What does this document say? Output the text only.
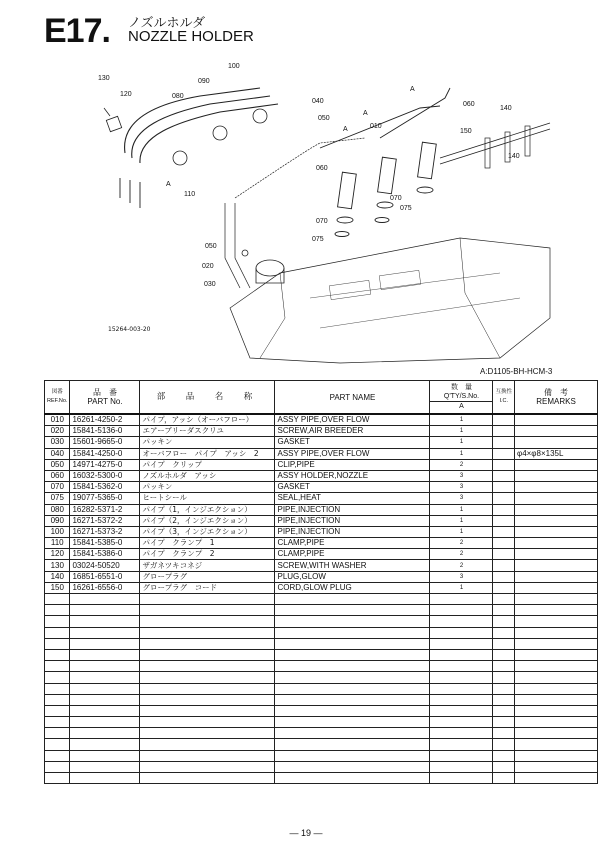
E17. ノズルホルダ
NOZZLE HOLDER
130
120	080
090
100
040
050
010
060
140
150
140
110
060
070
075
070
075
050
020
030
A
A
A
A
15264-003-20
A:D1105-BH-HCM-3
図番
REF.No.	品　番
PART No.	部　品　名　称	PART NAME	数　量
Q'TY/S.No.
A	互換性
I.C.	備　考
REMARKS

010	16261-4250-2	パイプ，アッシ（オーバフロー）	ASSY PIPE,OVER FLOW	1		
020	15841-5136-0	エアーブリーダスクリユ	SCREW,AIR BREEDER	1		
030	15601-9665-0	パッキン	GASKET	1		
040	15841-4250-0	オーバフロー　パイプ　アッシ　2	ASSY PIPE,OVER FLOW	1		φ4×φ8×135L
050	14971-4275-0	パイプ　クリップ	CLIP,PIPE	2		
060	16032-5300-0	ノズルホルダ　アッシ	ASSY HOLDER,NOZZLE	3		
070	15841-5362-0	パッキン	GASKET	3		
075	19077-5365-0	ヒートシール	SEAL,HEAT	3		
080	16282-5371-2	パイプ（1，インジエクション）	PIPE,INJECTION	1		
090	16271-5372-2	パイプ（2，インジエクション）	PIPE,INJECTION	1		
100	16271-5373-2	パイプ（3，インジエクション）	PIPE,INJECTION	1		
110	15841-5385-0	パイプ　クランプ　1	CLAMP,PIPE	2		
120	15841-5386-0	パイプ　クランプ　2	CLAMP,PIPE	2		
130	03024-50520	ザガネツキコネジ	SCREW,WITH WASHER	2		
140	16851-6551-0	グロープラグ	PLUG,GLOW	3		
150	16261-6556-0	グロープラグ　コード	CORD,GLOW PLUG	1		

— 19 —
